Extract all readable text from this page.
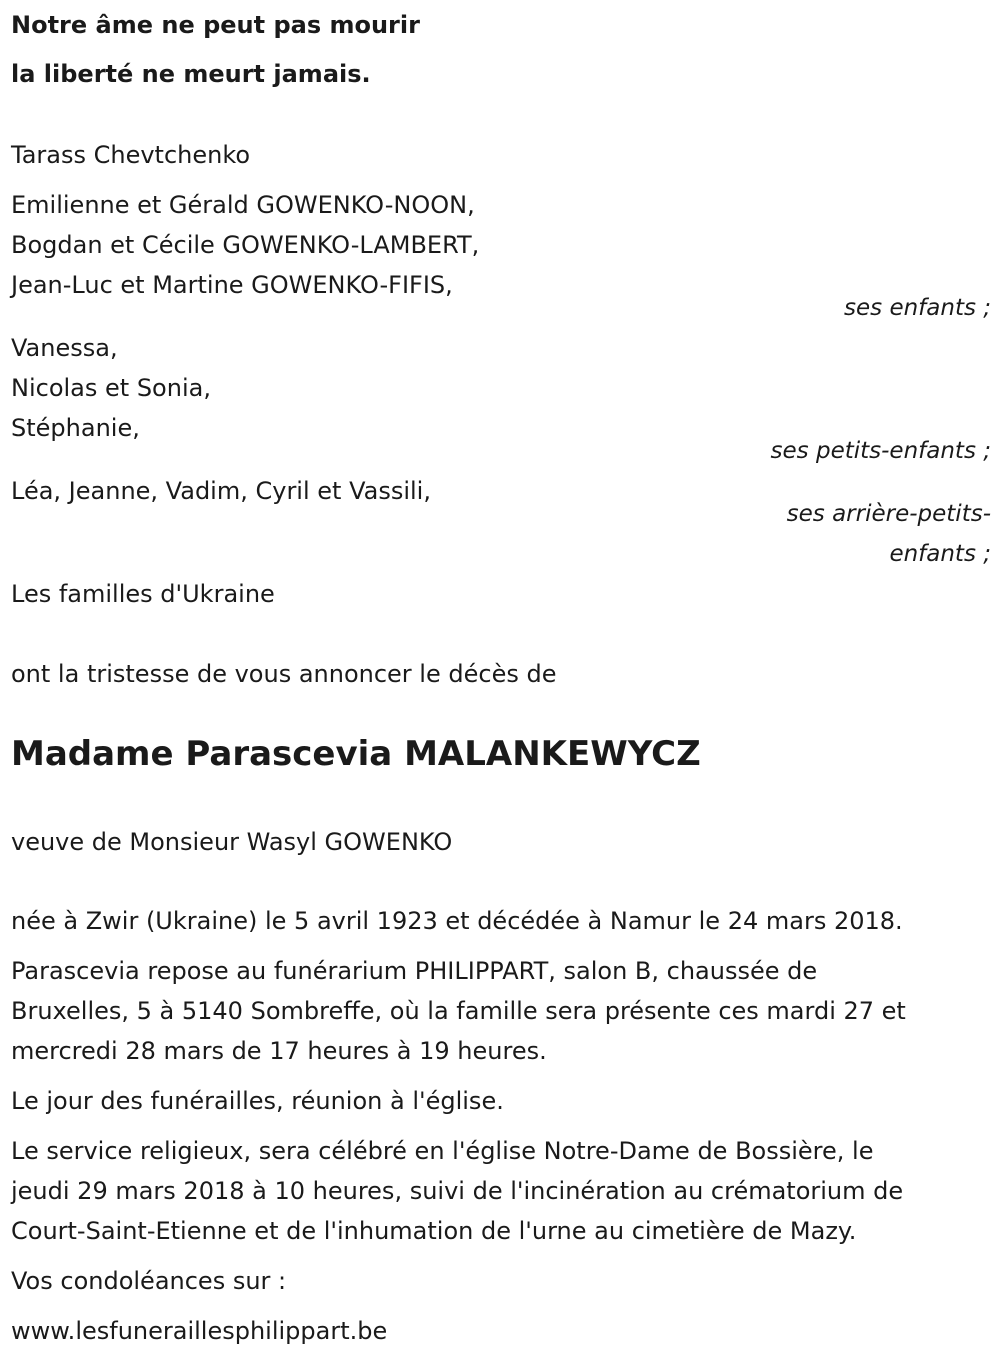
Notre âme ne peut pas mourir
la liberté ne meurt jamais.
Tarass Chevtchenko
Emilienne et Gérald GOWENKO-NOON,
Bogdan et Cécile GOWENKO-LAMBERT,
Jean-Luc et Martine GOWENKO-FIFIS,
ses enfants ;
Vanessa,
Nicolas et Sonia,
Stéphanie,
ses petits-enfants ;
Léa, Jeanne, Vadim, Cyril et Vassili,
ses arrière-petits-
enfants ;
Les familles d'Ukraine
ont la tristesse de vous annoncer le décès de
Madame Parascevia MALANKEWYCZ
veuve de Monsieur Wasyl GOWENKO
née à Zwir (Ukraine) le 5 avril 1923 et décédée à Namur le 24 mars 2018.
Parascevia repose au funérarium PHILIPPART, salon B, chaussée de
Bruxelles, 5 à 5140 Sombreffe, où la famille sera présente ces mardi 27 et
mercredi 28 mars de 17 heures à 19 heures.
Le jour des funérailles, réunion à l'église.
Le service religieux, sera célébré en l'église Notre-Dame de Bossière, le
jeudi 29 mars 2018 à 10 heures, suivi de l'incinération au crématorium de
Court-Saint-Etienne et de l'inhumation de l'urne au cimetière de Mazy.
Vos condoléances sur :
www.lesfuneraillesphilippart.be
